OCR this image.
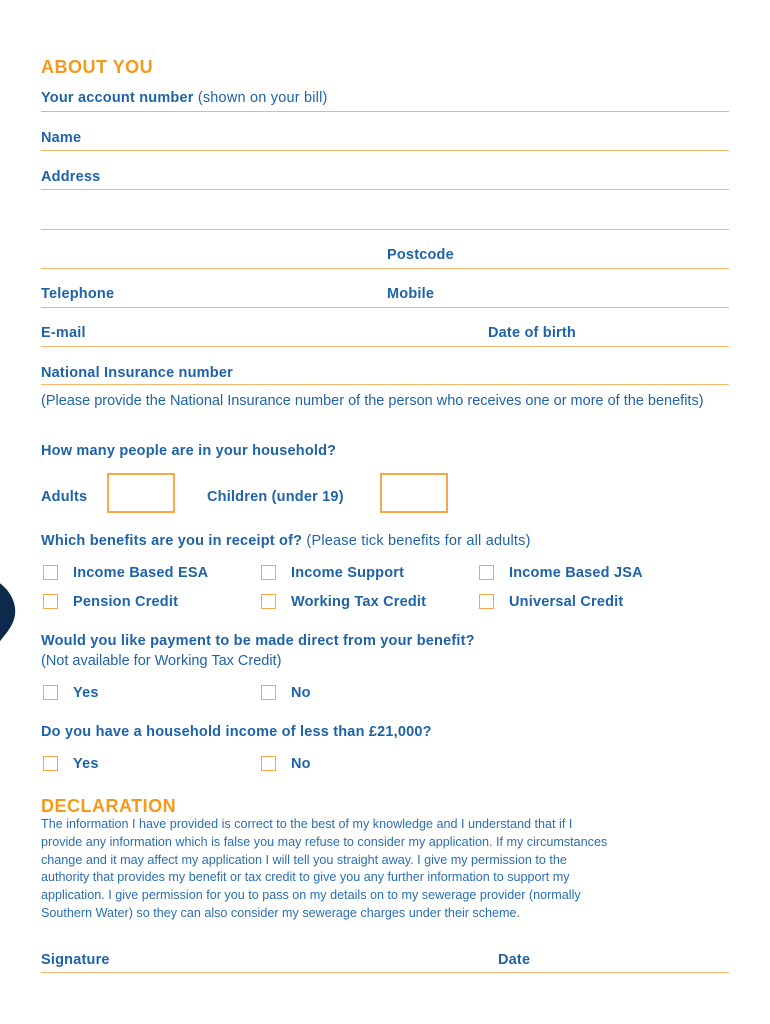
ABOUT YOU
Your account number (shown on your bill)
Name
Address
Postcode
Telephone	Mobile
E-mail	Date of birth
National Insurance number
(Please provide the National Insurance number of the person who receives one or more of the benefits)
How many people are in your household?
Adults	Children (under 19)
Which benefits are you in receipt of? (Please tick benefits for all adults)
Income Based ESA	Income Support	Income Based JSA
Pension Credit	Working Tax Credit	Universal Credit
Would you like payment to be made direct from your benefit?
(Not available for Working Tax Credit)
Yes	No
Do you have a household income of less than £21,000?
Yes	No
DECLARATION
The information I have provided is correct to the best of my knowledge and I understand that if I
provide any information which is false you may refuse to consider my application. If my circumstances
change and it may affect my application I will tell you straight away. I give my permission to the
authority that provides my benefit or tax credit to give you any further information to support my
application. I give permission for you to pass on my details on to my sewerage provider (normally
Southern Water) so they can also consider my sewerage charges under their scheme.
Signature	Date
